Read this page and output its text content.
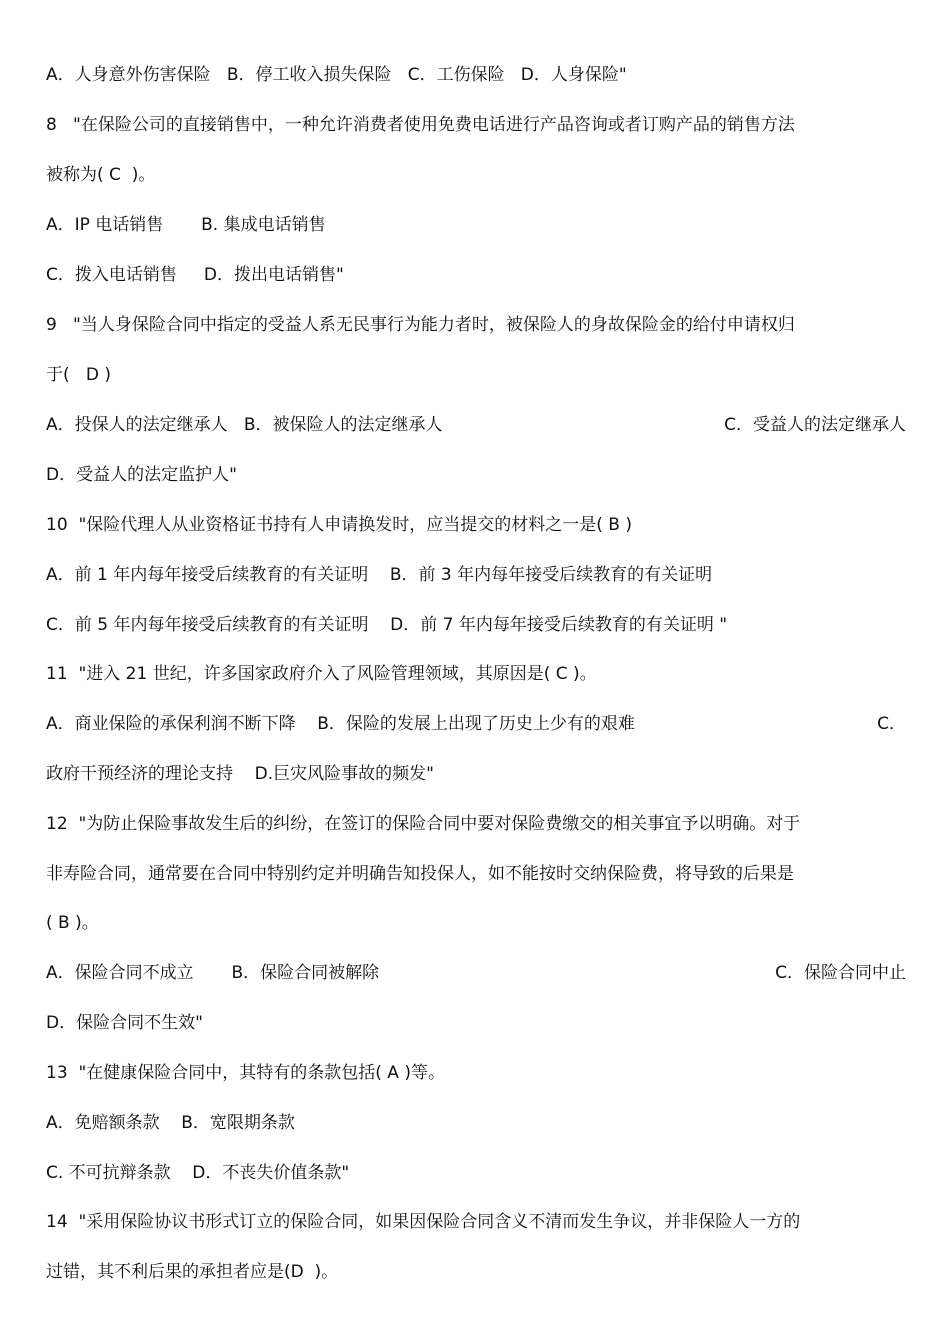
A．人身意外伤害保险   B．停工收入损失保险   C．工伤保险   D．人身保险"
8   "在保险公司的直接销售中，一种允许消费者使用免费电话进行产品咨询或者订购产品的销售方法
被称为( C  )。
A．IP 电话销售       B. 集成电话销售
C．拨入电话销售     D．拨出电话销售"
9   "当人身保险合同中指定的受益人系无民事行为能力者时，被保险人的身故保险金的给付申请权归
于(   D )
A．投保人的法定继承人   B．被保险人的法定继承人	C．受益人的法定继承人
D．受益人的法定监护人"
10  "保险代理人从业资格证书持有人申请换发时，应当提交的材料之一是( B )
A．前 1 年内每年接受后续教育的有关证明    B．前 3 年内每年接受后续教育的有关证明
C．前 5 年内每年接受后续教育的有关证明    D．前 7 年内每年接受后续教育的有关证明 "
11  "进入 21 世纪，许多国家政府介入了风险管理领域，其原因是( C )。
A．商业保险的承保利润不断下降    B．保险的发展上出现了历史上少有的艰难	C．
政府干预经济的理论支持    D.巨灾风险事故的频发"
12  "为防止保险事故发生后的纠纷，在签订的保险合同中要对保险费缴交的相关事宜予以明确。对于
非寿险合同，通常要在合同中特别约定并明确告知投保人，如不能按时交纳保险费，将导致的后果是
( B )。
A．保险合同不成立       B．保险合同被解除	C．保险合同中止
D．保险合同不生效"
13  "在健康保险合同中，其特有的条款包括( A )等。
A．免赔额条款    B．宽限期条款
C. 不可抗辩条款    D．不丧失价值条款"
14  "采用保险协议书形式订立的保险合同，如果因保险合同含义不清而发生争议，并非保险人一方的
过错，其不利后果的承担者应是(D  )。
